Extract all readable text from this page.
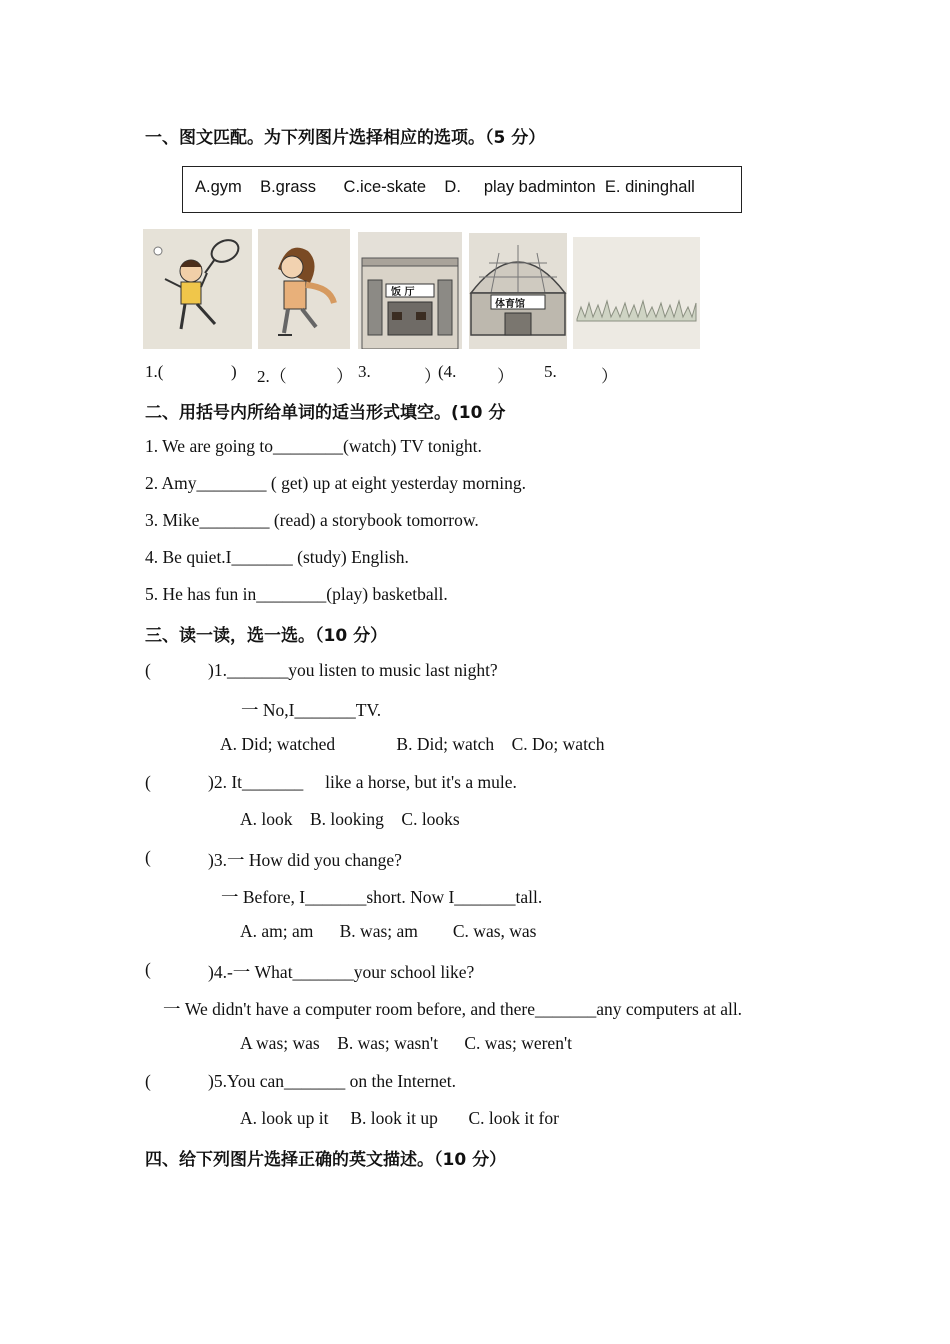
一、图文匹配。为下列图片选择相应的选项。（5 分）
A.gym    B.grass      C.ice-skate    D.     play badminton  E. dininghall
饭 厅
体育馆
1.(	) 2.（	） 3.	）
(4. ） 5.	）
二、用括号内所给单词的适当形式填空。(10 分
1. We are going to________(watch) TV tonight.
2. Amy________ ( get) up at eight yesterday morning.
3. Mike________ (read) a storybook tomorrow.
4. Be quiet.I_______ (study) English.
5. He has fun in________(play) basketball.
三、读一读，选一选。（10 分）
(	)1._______you listen to music last night?
一 No,I_______TV.
A. Did; watched              B. Did; watch    C. Do; watch
(	)2. It_______     like a horse, but it's a mule.
A. look    B. looking    C. looks
(	)3.一 How did you change?
一 Before, I_______short. Now I_______tall.
A. am; am      B. was; am        C. was, was
(	)4.-一 What_______your school like?
一 We didn't have a computer room before, and there_______any computers at all.
A was; was    B. was; wasn't      C. was; weren't
(	)5.You can_______ on the Internet.
A. look up it     B. look it up       C. look it for
四、给下列图片选择正确的英文描述。（10 分）
